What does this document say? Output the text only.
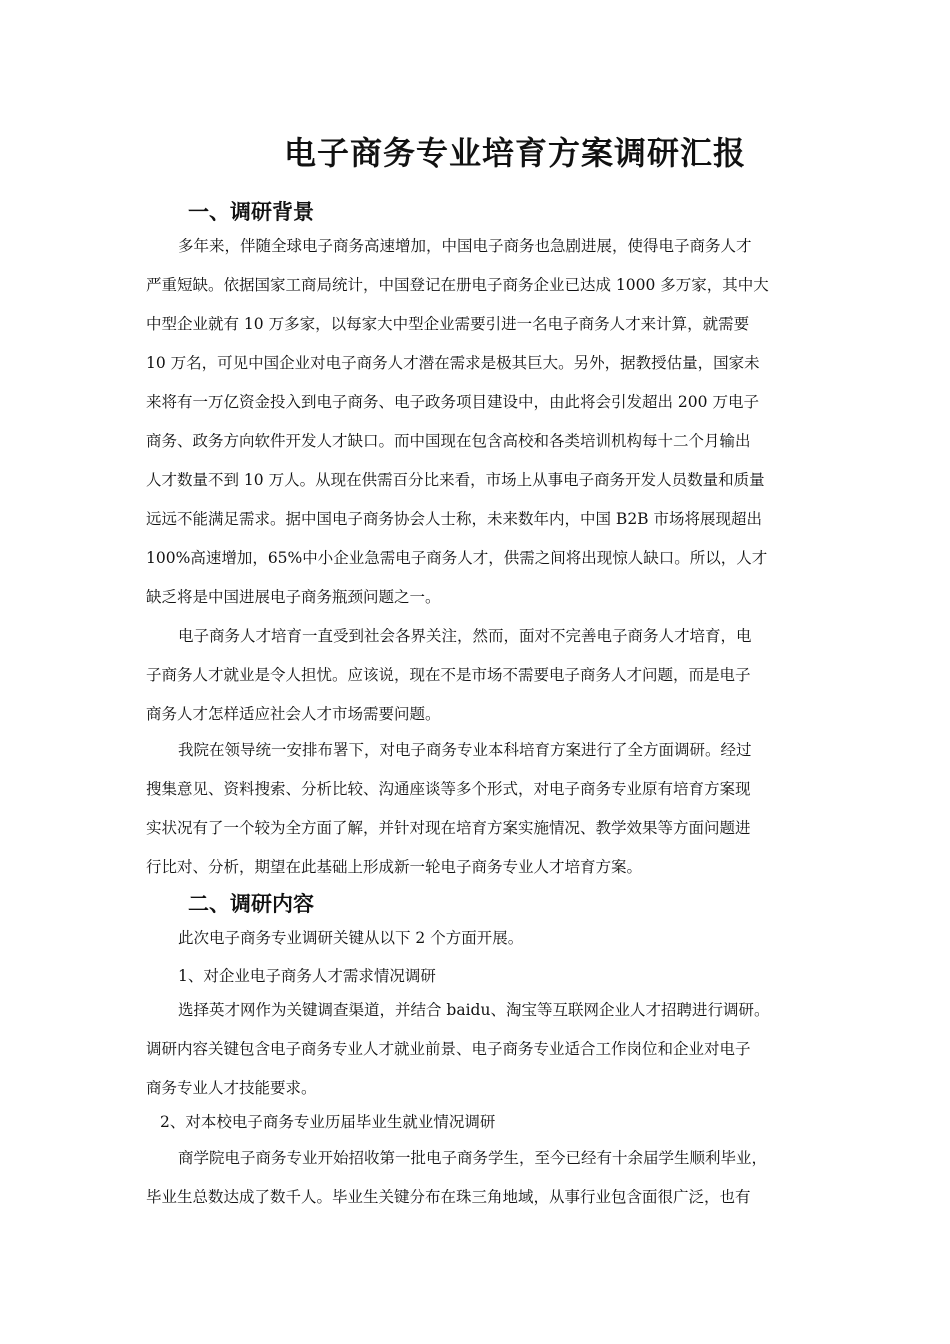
电子商务专业培育方案调研汇报
一、调研背景
多年来，伴随全球电子商务高速增加，中国电子商务也急剧进展，使得电子商务人才
严重短缺。依据国家工商局统计，中国登记在册电子商务企业已达成 1000 多万家，其中大
中型企业就有 10 万多家，以每家大中型企业需要引进一名电子商务人才来计算，就需要
10 万名，可见中国企业对电子商务人才潜在需求是极其巨大。另外，据教授估量，国家未
来将有一万亿资金投入到电子商务、电子政务项目建设中，由此将会引发超出 200 万电子
商务、政务方向软件开发人才缺口。而中国现在包含高校和各类培训机构每十二个月输出
人才数量不到 10 万人。从现在供需百分比来看，市场上从事电子商务开发人员数量和质量
远远不能满足需求。据中国电子商务协会人士称，未来数年内，中国 B2B 市场将展现超出
100%高速增加，65%中小企业急需电子商务人才，供需之间将出现惊人缺口。所以，人才
缺乏将是中国进展电子商务瓶颈问题之一。
电子商务人才培育一直受到社会各界关注，然而，面对不完善电子商务人才培育，电
子商务人才就业是令人担忧。应该说，现在不是市场不需要电子商务人才问题，而是电子
商务人才怎样适应社会人才市场需要问题。
我院在领导统一安排布署下，对电子商务专业本科培育方案进行了全方面调研。经过
搜集意见、资料搜索、分析比较、沟通座谈等多个形式，对电子商务专业原有培育方案现
实状况有了一个较为全方面了解，并针对现在培育方案实施情况、教学效果等方面问题进
行比对、分析，期望在此基础上形成新一轮电子商务专业人才培育方案。
二、调研内容
此次电子商务专业调研关键从以下 2 个方面开展。
1、对企业电子商务人才需求情况调研
选择英才网作为关键调查渠道，并结合 baidu、淘宝等互联网企业人才招聘进行调研。
调研内容关键包含电子商务专业人才就业前景、电子商务专业适合工作岗位和企业对电子
商务专业人才技能要求。
2、对本校电子商务专业历届毕业生就业情况调研
商学院电子商务专业开始招收第一批电子商务学生，至今已经有十余届学生顺利毕业，
毕业生总数达成了数千人。毕业生关键分布在珠三角地域，从事行业包含面很广泛，也有
